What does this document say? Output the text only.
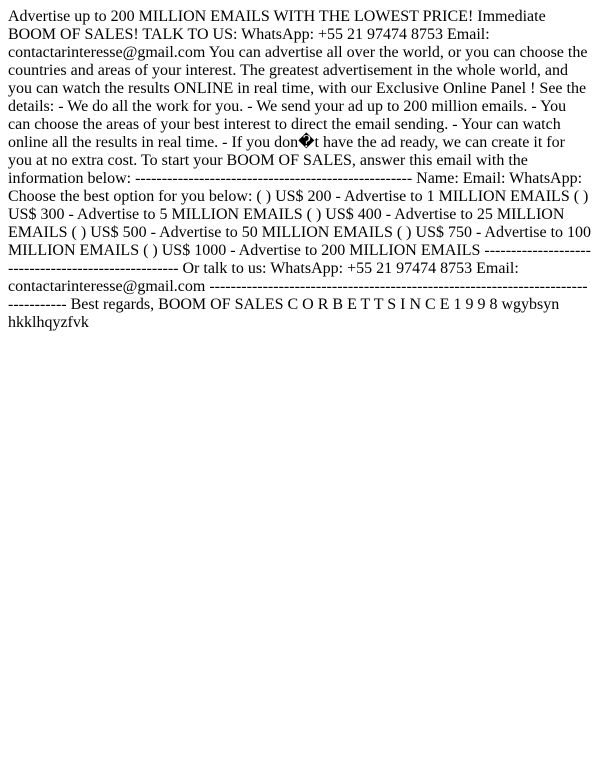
Advertise up to 200 MILLION EMAILS WITH THE LOWEST PRICE! Immediate BOOM OF SALES! TALK TO US: WhatsApp: +55 21 97474 8753 Email: contactarinteresse@gmail.com You can advertise all over the world, or you can choose the countries and areas of your interest. The greatest advertisement in the whole world, and you can watch the results ONLINE in real time, with our Exclusive Online Panel ! See the details: - We do all the work for you. - We send your ad up to 200 million emails. - You can choose the areas of your best interest to direct the email sending. - Your can watch online all the results in real time. - If you don�t have the ad ready, we can create it for you at no extra cost. To start your BOOM OF SALES, answer this email with the information below: ---------------------------------------------------- Name: Email: WhatsApp: Choose the best option for you below: ( ) US$ 200 - Advertise to 1 MILLION EMAILS ( ) US$ 300 - Advertise to 5 MILLION EMAILS ( ) US$ 400 - Advertise to 25 MILLION EMAILS ( ) US$ 500 - Advertise to 50 MILLION EMAILS ( ) US$ 750 - Advertise to 100 MILLION EMAILS ( ) US$ 1000 - Advertise to 200 MILLION EMAILS ---------------------------------------------------- Or talk to us: WhatsApp: +55 21 97474 8753 Email: contactarinteresse@gmail.com ---------------------------------------------------------------------------------- Best regards, BOOM OF SALES C O R B E T T S I N C E 1 9 9 8 wgybsyn hkklhqyzfvk
